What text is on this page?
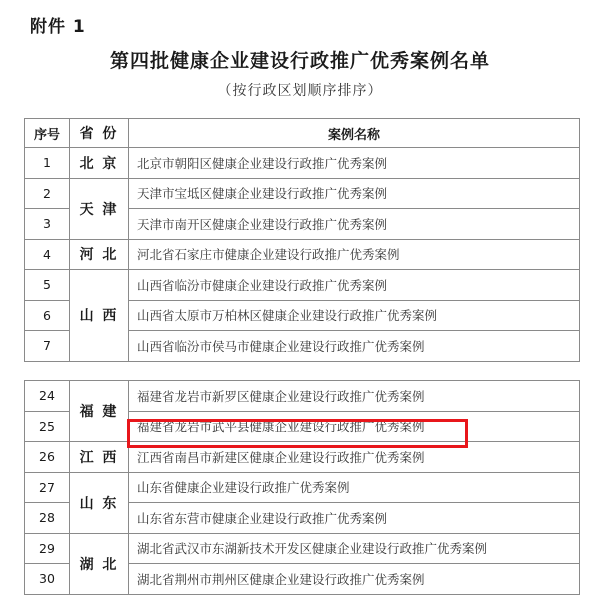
附件 1
第四批健康企业建设行政推广优秀案例名单
（按行政区划顺序排序）
序号	省 份	案例名称
1	北 京	北京市朝阳区健康企业建设行政推广优秀案例
2	天 津	天津市宝坻区健康企业建设行政推广优秀案例
3		天津市南开区健康企业建设行政推广优秀案例
4	河 北	河北省石家庄市健康企业建设行政推广优秀案例
5	山 西	山西省临汾市健康企业建设行政推广优秀案例
6		山西省太原市万柏林区健康企业建设行政推广优秀案例
7		山西省临汾市侯马市健康企业建设行政推广优秀案例
24	福 建	福建省龙岩市新罗区健康企业建设行政推广优秀案例
25		福建省龙岩市武平县健康企业建设行政推广优秀案例
26	江 西	江西省南昌市新建区健康企业建设行政推广优秀案例
27	山 东	山东省健康企业建设行政推广优秀案例
28		山东省东营市健康企业建设行政推广优秀案例
29	湖 北	湖北省武汉市东湖新技术开发区健康企业建设行政推广优秀案例
30		湖北省荆州市荆州区健康企业建设行政推广优秀案例
